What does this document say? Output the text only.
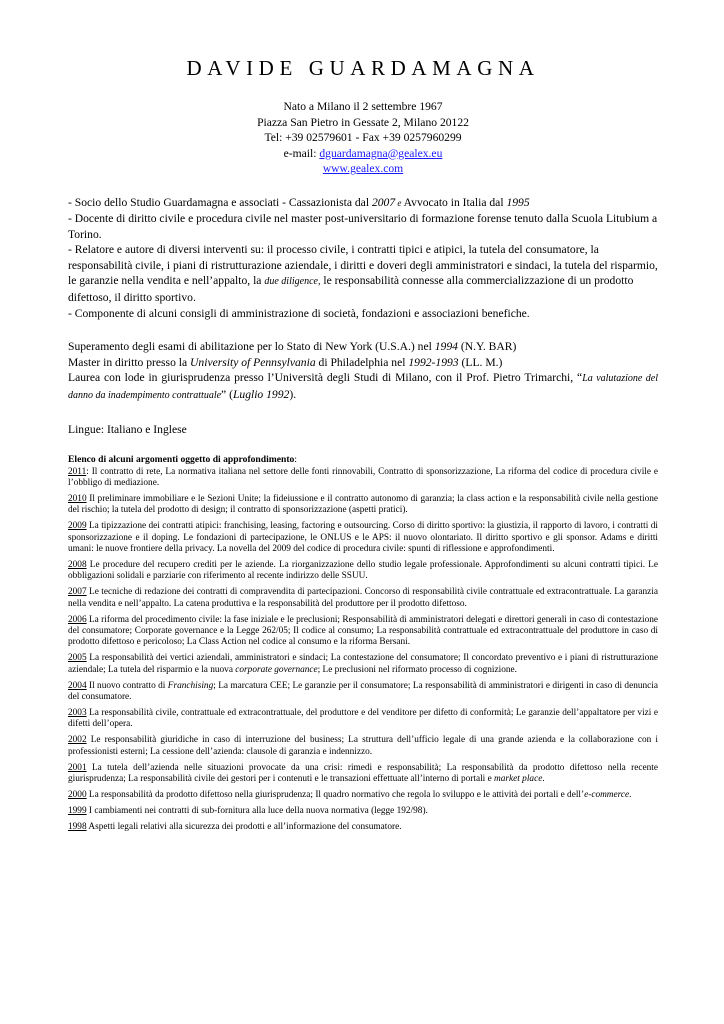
DAVIDE GUARDAMAGNA
Nato a Milano il 2 settembre 1967
Piazza San Pietro in Gessate 2, Milano 20122
Tel: +39 02579601 - Fax +39 0257960299
e-mail: dguardamagna@gealex.eu
www.gealex.com

- Socio dello Studio Guardamagna e associati - Cassazionista dal 2007 e Avvocato in Italia dal 1995

- Docente di diritto civile e procedura civile nel master post-universitario di formazione forense tenuto dalla Scuola Litubium a Torino.

- Relatore e autore di diversi interventi su: il processo civile, i contratti tipici e atipici, la tutela del consumatore, la responsabilità civile, i piani di ristrutturazione aziendale, i diritti e doveri degli amministratori e sindaci, la tutela del risparmio, le garanzie nella vendita e nell’appalto, la due diligence, le responsabilità connesse alla commercializzazione di un prodotto difettoso, il diritto sportivo.

- Componente di alcuni consigli di amministrazione di società, fondazioni e associazioni benefiche.

Superamento degli esami di abilitazione per lo Stato di New York (U.S.A.) nel 1994 (N.Y. BAR)

Master in diritto presso la University of Pennsylvania di Philadelphia nel 1992-1993 (LL. M.)

Laurea con lode in giurisprudenza presso l’Università degli Studi di Milano, con il Prof. Pietro Trimarchi, “La valutazione del danno da inadempimento contrattuale” (Luglio 1992).

Lingue: Italiano e Inglese
Elenco di alcuni argomenti oggetto di approfondimento:

2011: Il contratto di rete, La normativa italiana nel settore delle fonti rinnovabili, Contratto di sponsorizzazione, La riforma del codice di procedura civile e l’obbligo di mediazione.

2010 Il preliminare immobiliare e le Sezioni Unite; la fideiussione e il contratto autonomo di garanzia; la class action e la responsabilità civile nella gestione del rischio; la tutela del prodotto di design; il contratto di sponsorizzazione (aspetti pratici).

2009 La tipizzazione dei contratti atipici: franchising, leasing, factoring e outsourcing. Corso di diritto sportivo: la giustizia, il rapporto di lavoro, i contratti di sponsorizzazione e il doping. Le fondazioni di partecipazione, le ONLUS e le APS: il nuovo olontariato. Il diritto sportivo e gli sponsor. Adams e diritti umani: le nuove frontiere della privacy. La novella del 2009 del codice di procedura civile: spunti di riflessione e approfondimenti.

2008 Le procedure del recupero crediti per le aziende. La riorganizzazione dello studio legale professionale. Approfondimenti su alcuni contratti tipici. Le obbligazioni solidali e parziarie con riferimento al recente indirizzo delle SSUU.

2007 Le tecniche di redazione dei contratti di compravendita di partecipazioni. Concorso di responsabilità civile contrattuale ed extracontrattuale. La garanzia nella vendita e nell’appalto. La catena produttiva e la responsabilità del produttore per il prodotto difettoso.

2006 La riforma del procedimento civile: la fase iniziale e le preclusioni; Responsabilità di amministratori delegati e direttori generali in caso di contestazione del consumatore; Corporate governance e la Legge 262/05; Il codice al consumo; La responsabilità contrattuale ed extracontrattuale del produttore in caso di prodotto difettoso e pericoloso; La Class Action nel codice al consumo e la riforma Bersani.

2005 La responsabilità dei vertici aziendali, amministratori e sindaci; La contestazione del consumatore; Il concordato preventivo e i piani di ristrutturazione aziendale; La tutela del risparmio e la nuova corporate governance; Le preclusioni nel riformato processo di cognizione.

2004 Il nuovo contratto di Franchising; La marcatura CEE; Le garanzie per il consumatore; La responsabilità di amministratori e dirigenti in caso di denuncia del consumatore.

2003 La responsabilità civile, contrattuale ed extracontrattuale, del produttore e del venditore per difetto di conformità; Le garanzie dell’appaltatore per vizi e difetti dell’opera.

2002 Le responsabilità giuridiche in caso di interruzione del business; La struttura dell’ufficio legale di una grande azienda e la collaborazione con i professionisti esterni; La cessione dell’azienda: clausole di garanzia e indennizzo.

2001 La tutela dell’azienda nelle situazioni provocate da una crisi: rimedi e responsabilità; La responsabilità da prodotto difettoso nella recente giurisprudenza; La responsabilità civile dei gestori per i contenuti e le transazioni effettuate all’interno di portali e market place.

2000 La responsabilità da prodotto difettoso nella giurisprudenza; Il quadro normativo che regola lo sviluppo e le attività dei portali e dell’e-commerce.

1999 I cambiamenti nei contratti di sub-fornitura alla luce della nuova normativa (legge 192/98).

1998 Aspetti legali relativi alla sicurezza dei prodotti e all’informazione del consumatore.
